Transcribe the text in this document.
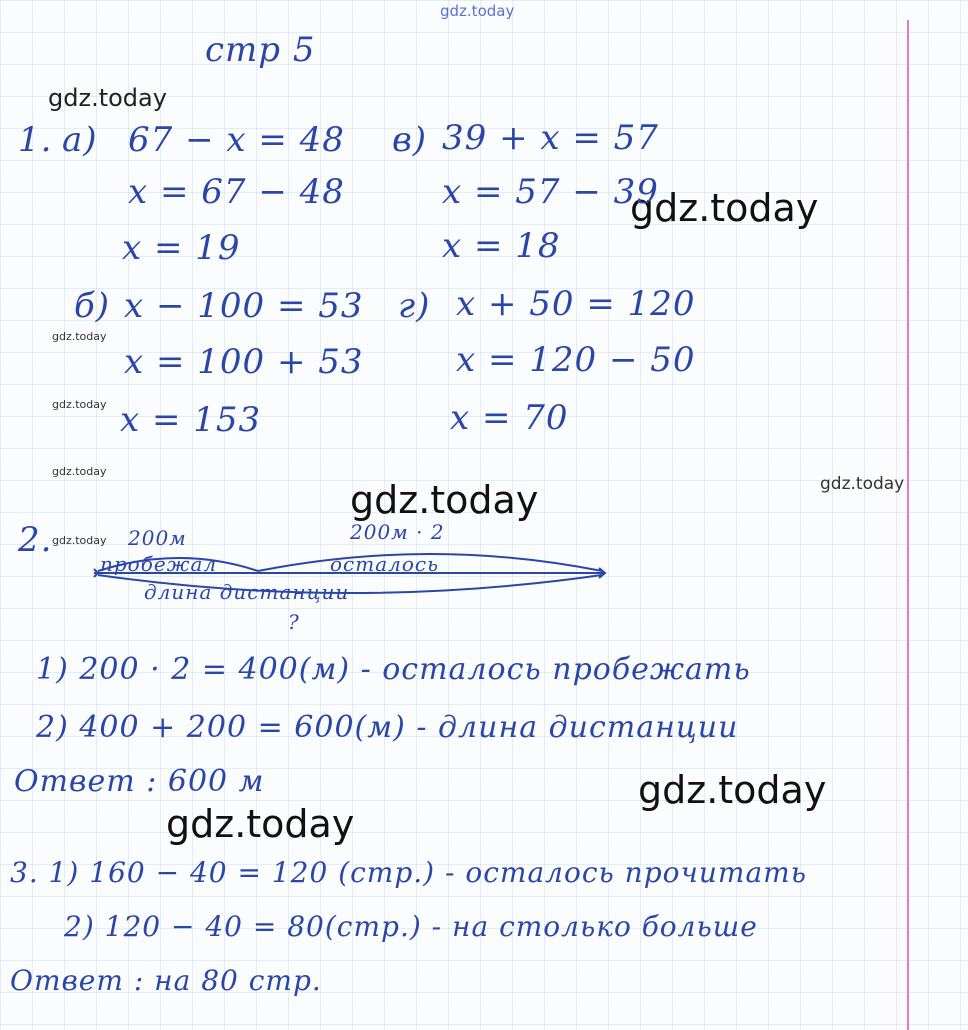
gdz.today
gdz.today
gdz.today
gdz.today
gdz.today
gdz.today
gdz.today
gdz.today
gdz.today
gdz.today
gdz.today
стр 5
1. а) 67 − x = 48
x = 67 − 48
x = 19
в) 39 + x = 57
x = 57 − 39
x = 18
б) x − 100 = 53
x = 100 + 53
x = 153
г) x + 50 = 120
x = 120 − 50
x = 70
2.	200м	200м · 2
пробежал	осталось
длина дистанции
?
1) 200 · 2 = 400(м) - осталось пробежать
2) 400 + 200 = 600(м) - длина дистанции
Ответ : 600 м
3. 1) 160 − 40 = 120 (стр.) - осталось прочитать
2) 120 − 40 = 80(стр.) - на столько больше
Ответ : на 80 стр.
